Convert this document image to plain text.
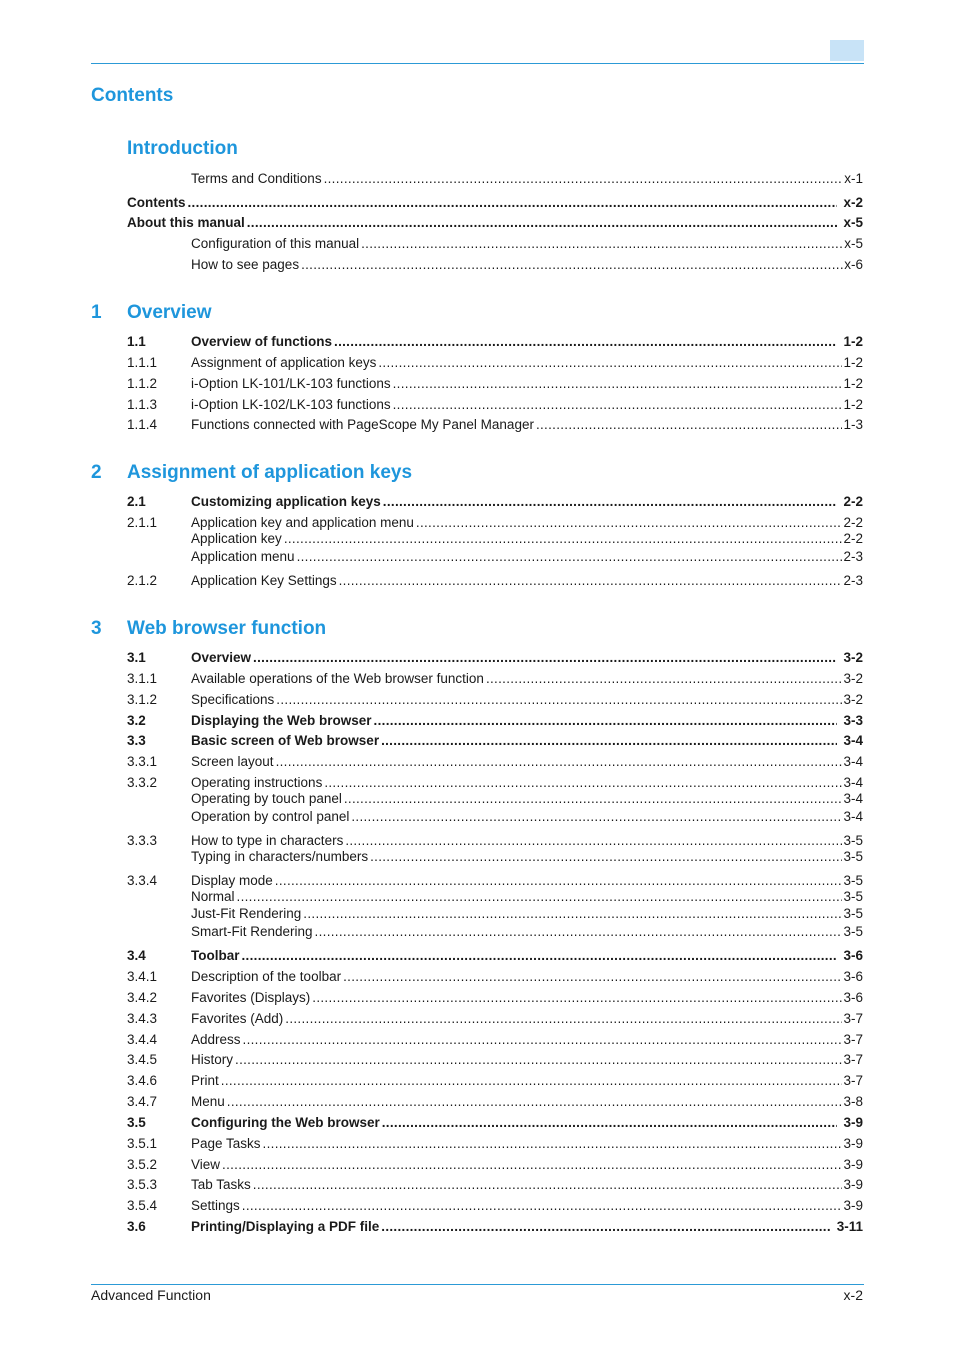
Contents
Introduction
Terms and Conditions .....	x-1
Contents .....	x-2
About this manual .....	x-5
Configuration of this manual .....	x-5
How to see pages .....	x-6
1 Overview
1.1	Overview of functions .....	1-2
1.1.1	Assignment of application keys .....	1-2
1.1.2	i-Option LK-101/LK-103 functions .....	1-2
1.1.3	i-Option LK-102/LK-103 functions .....	1-2
1.1.4	Functions connected with PageScope My Panel Manager .....	1-3
2 Assignment of application keys
2.1	Customizing application keys .....	2-2
2.1.1	Application key and application menu .....	2-2
Application key .....	2-2
Application menu .....	2-3
2.1.2	Application Key Settings .....	2-3
3 Web browser function
3.1	Overview .....	3-2
3.1.1	Available operations of the Web browser function .....	3-2
3.1.2	Specifications .....	3-2
3.2	Displaying the Web browser .....	3-3
3.3	Basic screen of Web browser .....	3-4
3.3.1	Screen layout .....	3-4
3.3.2	Operating instructions .....	3-4
Operating by touch panel .....	3-4
Operation by control panel .....	3-4
3.3.3	How to type in characters .....	3-5
Typing in characters/numbers .....	3-5
3.3.4	Display mode .....	3-5
Normal .....	3-5
Just-Fit Rendering .....	3-5
Smart-Fit Rendering .....	3-5
3.4	Toolbar .....	3-6
3.4.1	Description of the toolbar .....	3-6
3.4.2	Favorites (Displays) .....	3-6
3.4.3	Favorites (Add) .....	3-7
3.4.4	Address .....	3-7
3.4.5	History .....	3-7
3.4.6	Print .....	3-7
3.4.7	Menu .....	3-8
3.5	Configuring the Web browser .....	3-9
3.5.1	Page Tasks .....	3-9
3.5.2	View .....	3-9
3.5.3	Tab Tasks .....	3-9
3.5.4	Settings .....	3-9
3.6	Printing/Displaying a PDF file .....	3-11
Advanced Function	x-2
